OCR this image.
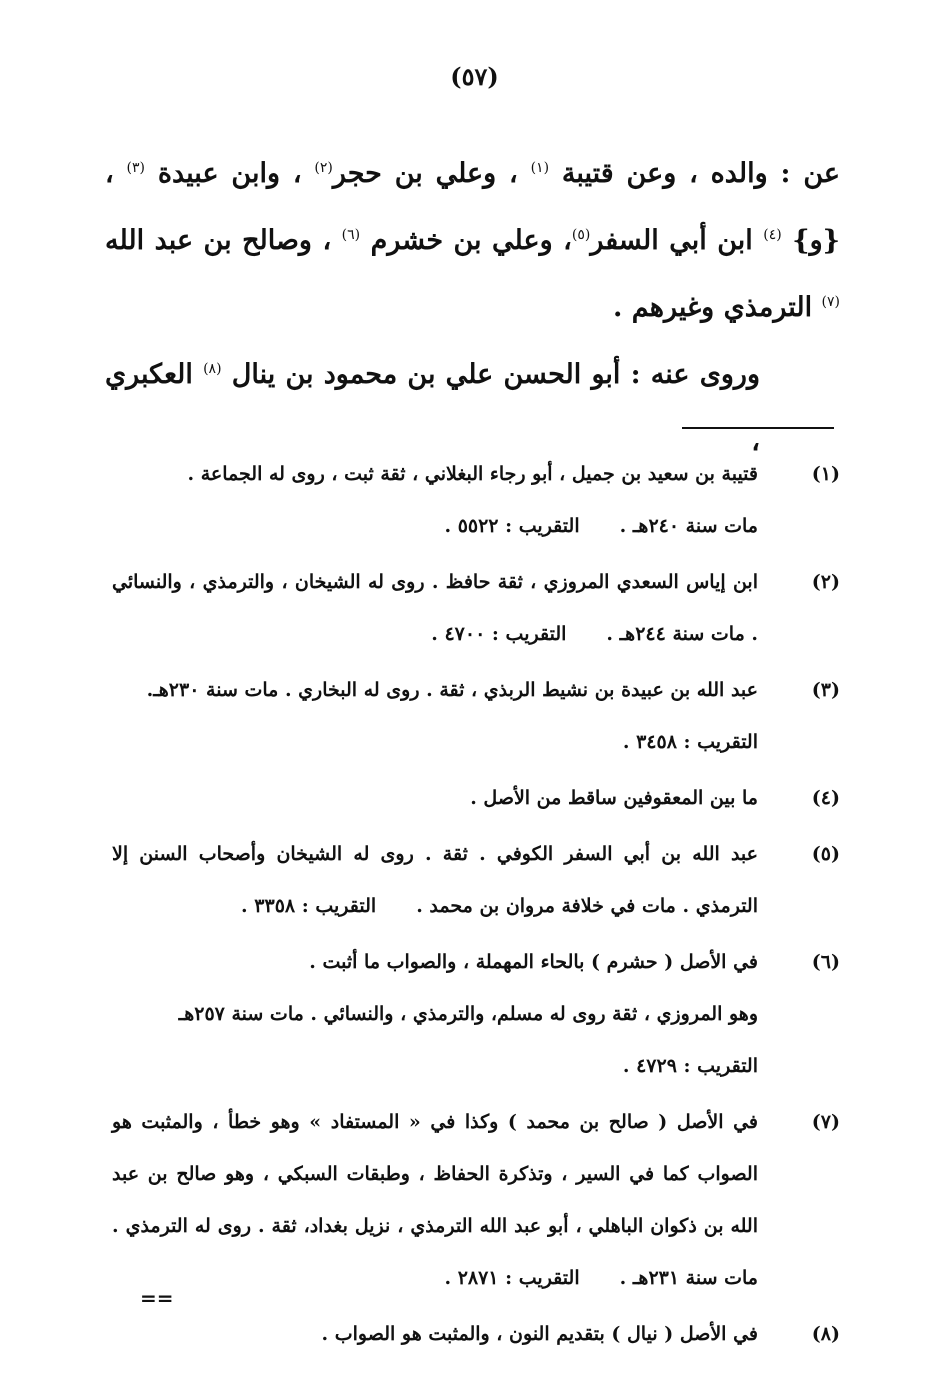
(٥٧)

عن : والده ، وعن قتيبة $^{(١)}$ ، وعلي بن حجر$^{(٢)}$ ، وابن عبيدة $^{(٣)}$ ، {و} $^{(٤)}$ ابن أبي السفر$^{(٥)}$، وعلي بن خشرم $^{(٦)}$ ، وصالح بن عبد الله $^{(٧)}$ الترمذي وغيرهم .

وروى عنه : أبو الحسن علي بن محمود بن ينال $^{(٨)}$ العكبري ،

(١)

قتيبة بن سعيد بن جميل ، أبو رجاء البغلاني ، ثقة ثبت ، روى له الجماعة .

مات سنة ٢٤٠هـ .التقريب : ٥٥٢٢ .

(٢)

ابن إياس السعدي المروزي ، ثقة حافظ . روى له الشيخان ، والترمذي ، والنسائي . مات سنة ٢٤٤هـ .التقريب : ٤٧٠٠ .

(٣)

عبد الله بن عبيدة بن نشيط الربذي ، ثقة . روى له البخاري . مات سنة ٢٣٠هـ.

التقريب : ٣٤٥٨ .

(٤)

ما بين المعقوفين ساقط من الأصل .

(٥)

عبد الله بن أبي السفر الكوفي . ثقة . روى له الشيخان وأصحاب السنن إلا الترمذي . مات في خلافة مروان بن محمد .التقريب : ٣٣٥٨ .

(٦)

في الأصل ( حشرم ) بالحاء المهملة ، والصواب ما أثبت .

وهو المروزي ، ثقة روى له مسلم، والترمذي ، والنسائي . مات سنة ٢٥٧هـ

التقريب : ٤٧٢٩ .

(٧)

في الأصل ( صالح بن محمد ) وكذا في « المستفاد » وهو خطأ ، والمثبت هو الصواب كما في السير ، وتذكرة الحفاظ ، وطبقات السبكي ، وهو صالح بن عبد الله بن ذكوان الباهلي ، أبو عبد الله الترمذي ، نزيل بغداد، ثقة . روى له الترمذي . مات سنة ٢٣١هـ .التقريب : ٢٨٧١ .

(٨)

في الأصل ( نيال ) بتقديم النون ، والمثبت هو الصواب .

==
